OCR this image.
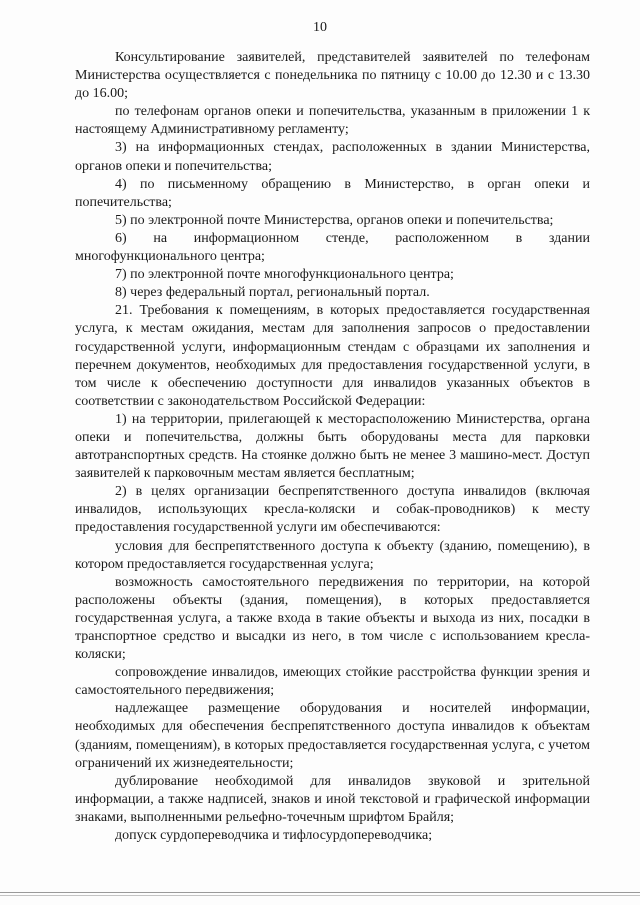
10

Консультирование заявителей, представителей заявителей по телефонам Министерства осуществляется с понедельника по пятницу с 10.00 до 12.30 и с 13.30 до 16.00;

по телефонам органов опеки и попечительства, указанным в приложении 1 к настоящему Административному регламенту;

3) на информационных стендах, расположенных в здании Министерства, органов опеки и попечительства;

4) по письменному обращению в Министерство, в орган опеки и попечительства;

5) по электронной почте Министерства, органов опеки и попечительства;

6) на информационном стенде, расположенном в здании многофункционального центра;

7) по электронной почте многофункционального центра;

8) через федеральный портал, региональный портал.

21. Требования к помещениям, в которых предоставляется государственная услуга, к местам ожидания, местам для заполнения запросов о предоставлении государственной услуги, информационным стендам с образцами их заполнения и перечнем документов, необходимых для предоставления государственной услуги, в том числе к обеспечению доступности для инвалидов указанных объектов в соответствии с законодательством Российской Федерации:

1) на территории, прилегающей к месторасположению Министерства, органа опеки и попечительства, должны быть оборудованы места для парковки автотранспортных средств. На стоянке должно быть не менее 3 машино-мест. Доступ заявителей к парковочным местам является бесплатным;

2) в целях организации беспрепятственного доступа инвалидов (включая инвалидов, использующих кресла-коляски и собак-проводников) к месту предоставления государственной услуги им обеспечиваются:

условия для беспрепятственного доступа к объекту (зданию, помещению), в котором предоставляется государственная услуга;

возможность самостоятельного передвижения по территории, на которой расположены объекты (здания, помещения), в которых предоставляется государственная услуга, а также входа в такие объекты и выхода из них, посадки в транспортное средство и высадки из него, в том числе с использованием кресла-коляски;

сопровождение инвалидов, имеющих стойкие расстройства функции зрения и самостоятельного передвижения;

надлежащее размещение оборудования и носителей информации, необходимых для обеспечения беспрепятственного доступа инвалидов к объектам (зданиям, помещениям), в которых предоставляется государственная услуга, с учетом ограничений их жизнедеятельности;

дублирование необходимой для инвалидов звуковой и зрительной информации, а также надписей, знаков и иной текстовой и графической информации знаками, выполненными рельефно-точечным шрифтом Брайля;

допуск сурдопереводчика и тифлосурдопереводчика;
